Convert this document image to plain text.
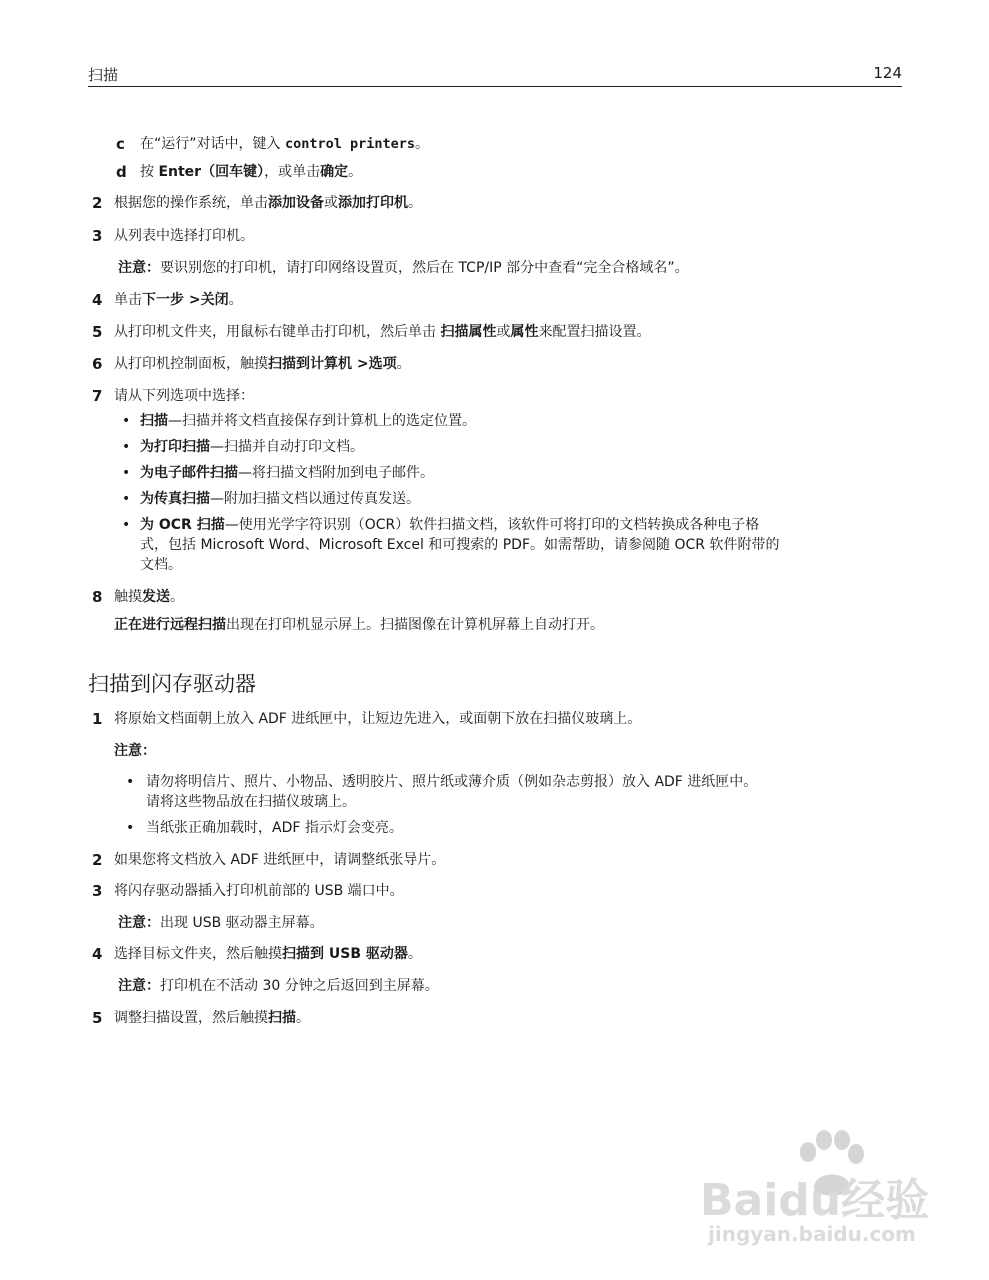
扫描	124
c 在“运行”对话中，键入 control printers。
d 按 Enter（回车键），或单击确定。
2 根据您的操作系统，单击添加设备或添加打印机。
3 从列表中选择打印机。
注意：要识别您的打印机，请打印网络设置页，然后在 TCP/IP 部分中查看“完全合格域名”。
4 单击下一步 >关闭。
5 从打印机文件夹，用鼠标右键单击打印机，然后单击 扫描属性或属性来配置扫描设置。
6 从打印机控制面板，触摸扫描到计算机 >选项。
7 请从下列选项中选择：
• 扫描—扫描并将文档直接保存到计算机上的选定位置。
• 为打印扫描—扫描并自动打印文档。
• 为电子邮件扫描—将扫描文档附加到电子邮件。
• 为传真扫描—附加扫描文档以通过传真发送。
• 为 OCR 扫描—使用光学字符识别（OCR）软件扫描文档，该软件可将打印的文档转换成各种电子格
式，包括 Microsoft Word、Microsoft Excel 和可搜索的 PDF。如需帮助，请参阅随 OCR 软件附带的
文档。
8 触摸发送。
正在进行远程扫描出现在打印机显示屏上。扫描图像在计算机屏幕上自动打开。
扫描到闪存驱动器
1 将原始文档面朝上放入 ADF 进纸匣中，让短边先进入，或面朝下放在扫描仪玻璃上。
注意：
• 请勿将明信片、照片、小物品、透明胶片、照片纸或薄介质（例如杂志剪报）放入 ADF 进纸匣中。
请将这些物品放在扫描仪玻璃上。
• 当纸张正确加载时，ADF 指示灯会变亮。
2 如果您将文档放入 ADF 进纸匣中，请调整纸张导片。
3 将闪存驱动器插入打印机前部的 USB 端口中。
注意：出现 USB 驱动器主屏幕。
4 选择目标文件夹，然后触摸扫描到 USB 驱动器。
注意：打印机在不活动 30 分钟之后返回到主屏幕。
5 调整扫描设置，然后触摸扫描。
Baidu经验
jingyan.baidu.com
